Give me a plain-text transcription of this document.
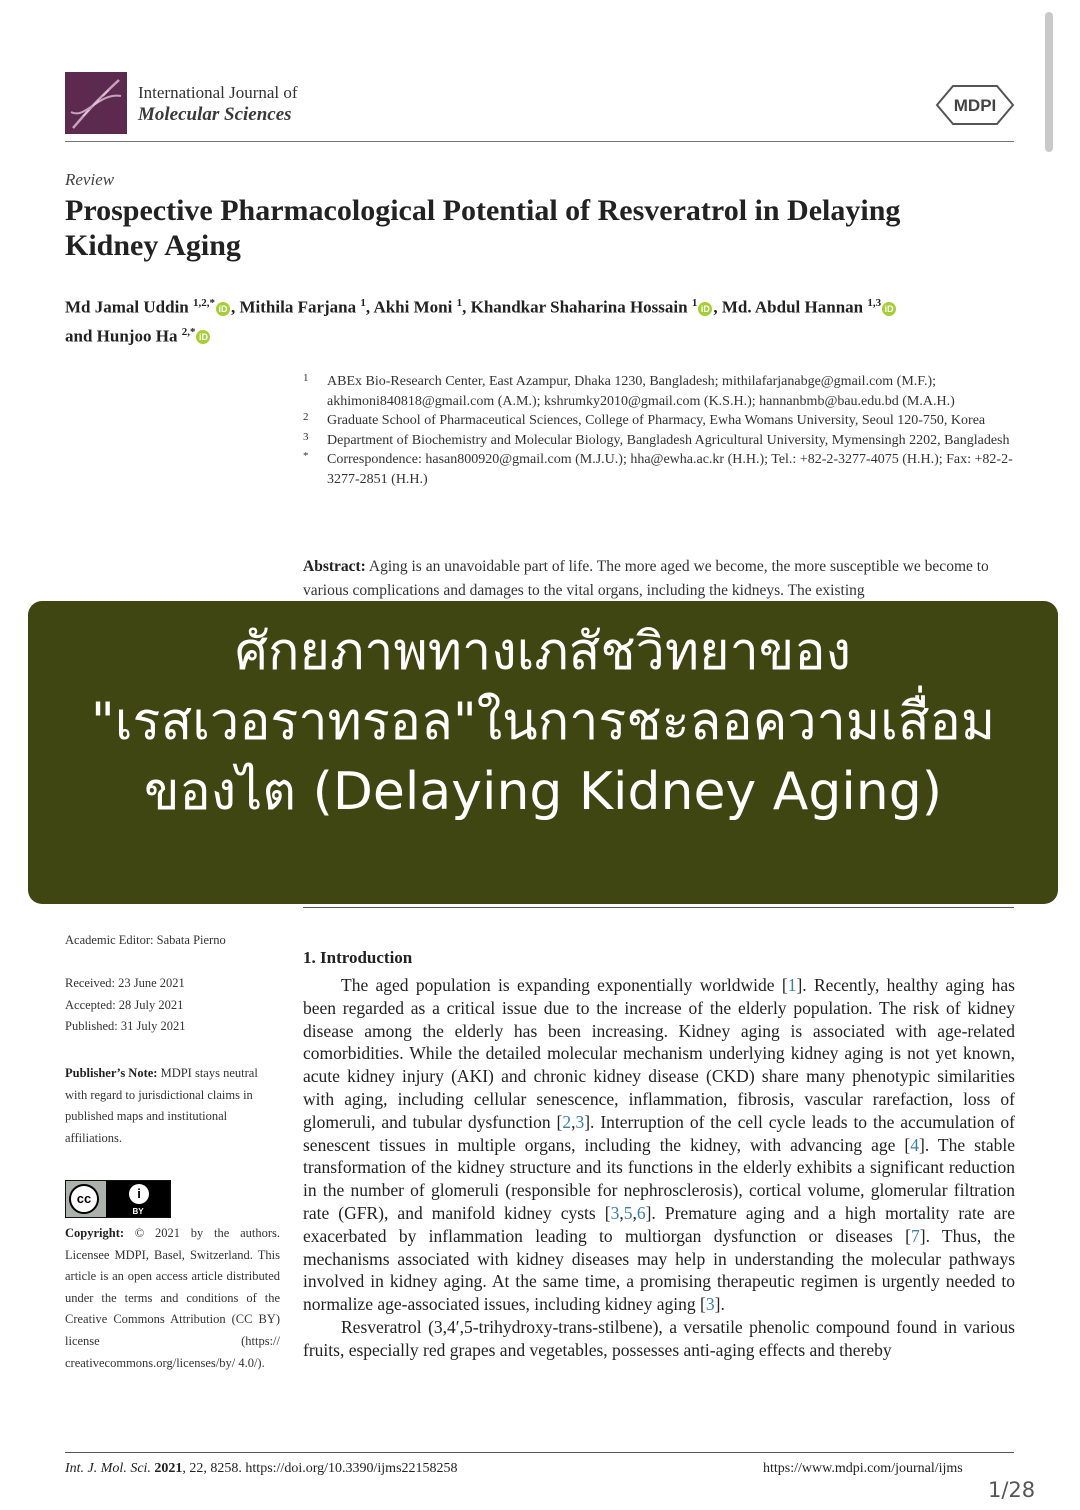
International Journal of
Molecular Sciences	MDPI
Review
Prospective Pharmacological Potential of Resveratrol in Delaying Kidney Aging
Md Jamal Uddin $^{1,2,*}$ iD , Mithila Farjana $^1$, Akhi Moni $^1$, Khandkar Shaharina Hossain $^1$ iD , Md. Abdul Hannan $^{1,3}$ iD
and Hunjoo Ha $^{2,*}$ iD
1 ABEx Bio-Research Center, East Azampur, Dhaka 1230, Bangladesh; mithilafarjanabge@gmail.com (M.F.); akhimoni840818@gmail.com (A.M.); kshrumky2010@gmail.com (K.S.H.); hannanbmb@bau.edu.bd (M.A.H.)
2 Graduate School of Pharmaceutical Sciences, College of Pharmacy, Ewha Womans University, Seoul 120-750, Korea
3 Department of Biochemistry and Molecular Biology, Bangladesh Agricultural University, Mymensingh 2202, Bangladesh
* Correspondence: hasan800920@gmail.com (M.J.U.); hha@ewha.ac.kr (H.H.); Tel.: +82-2-3277-4075 (H.H.); Fax: +82-2-3277-2851 (H.H.)
Abstract: Aging is an unavoidable part of life. The more aged we become, the more susceptible we become to various complications and damages to the vital organs, including the kidneys. The existing
ศักยภาพทางเภสัชวิทยาของ
"เรสเวอราทรอล"ในการชะลอความเสื่อม
ของไต (Delaying Kidney Aging)
Academic Editor: Sabata Pierno
Received: 23 June 2021
Accepted: 28 July 2021
Published: 31 July 2021
Publisher’s Note: MDPI stays neutral with regard to jurisdictional claims in published maps and institutional affiliations.
cc	i
BY
Copyright: © 2021 by the authors. Licensee MDPI, Basel, Switzerland. This article is an open access article distributed under the terms and conditions of the Creative Commons Attribution (CC BY) license (https:// creativecommons.org/licenses/by/ 4.0/).
1. Introduction

The aged population is expanding exponentially worldwide [1]. Recently, healthy aging has been regarded as a critical issue due to the increase of the elderly population. The risk of kidney disease among the elderly has been increasing. Kidney aging is associated with age-related comorbidities. While the detailed molecular mechanism underlying kidney aging is not yet known, acute kidney injury (AKI) and chronic kidney disease (CKD) share many phenotypic similarities with aging, including cellular senescence, inflammation, fibrosis, vascular rarefaction, loss of glomeruli, and tubular dysfunction [2,3]. Interruption of the cell cycle leads to the accumulation of senescent tissues in multiple organs, including the kidney, with advancing age [4]. The stable transformation of the kidney structure and its functions in the elderly exhibits a significant reduction in the number of glomeruli (responsible for nephrosclerosis), cortical volume, glomerular filtration rate (GFR), and manifold kidney cysts [3,5,6]. Premature aging and a high mortality rate are exacerbated by inflammation leading to multiorgan dysfunction or diseases [7]. Thus, the mechanisms associated with kidney diseases may help in understanding the molecular pathways involved in kidney aging. At the same time, a promising therapeutic regimen is urgently needed to normalize age-associated issues, including kidney aging [3].

Resveratrol (3,4′,5-trihydroxy-trans-stilbene), a versatile phenolic compound found in various fruits, especially red grapes and vegetables, possesses anti-aging effects and thereby

Int. J. Mol. Sci. 2021, 22, 8258. https://doi.org/10.3390/ijms22158258	https://www.mdpi.com/journal/ijms
1/28
